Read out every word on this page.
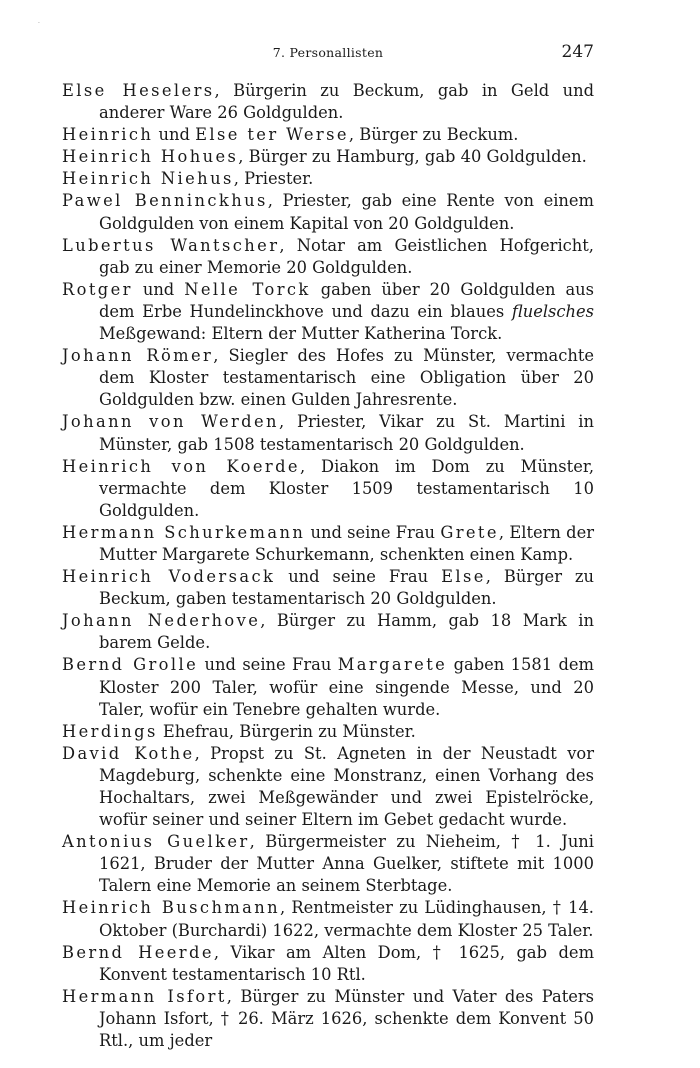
·
7. Personallisten	247
Else Heselers, Bürgerin zu Beckum, gab in Geld und anderer Ware 26 Goldgulden.
Heinrich und Else ter Werse, Bürger zu Beckum.
Heinrich Hohues, Bürger zu Hamburg, gab 40 Goldgulden.
Heinrich Niehus, Priester.
Pawel Benninckhus, Priester, gab eine Rente von einem Goldgulden von einem Kapital von 20 Goldgulden.
Lubertus Wantscher, Notar am Geistlichen Hofgericht, gab zu einer Memorie 20 Goldgulden.
Rotger und Nelle Torck gaben über 20 Goldgulden aus dem Erbe Hundelinckhove und dazu ein blaues fluelsches Meßgewand: Eltern der Mutter Katherina Torck.
Johann Römer, Siegler des Hofes zu Münster, vermachte dem Kloster testamentarisch eine Obligation über 20 Goldgulden bzw. einen Gulden Jahresrente.
Johann von Werden, Priester, Vikar zu St. Martini in Münster, gab 1508 testamentarisch 20 Goldgulden.
Heinrich von Koerde, Diakon im Dom zu Münster, vermachte dem Kloster 1509 testamentarisch 10 Goldgulden.
Hermann Schurkemann und seine Frau Grete, Eltern der Mutter Margarete Schurkemann, schenkten einen Kamp.
Heinrich Vodersack und seine Frau Else, Bürger zu Beckum, gaben testamentarisch 20 Goldgulden.
Johann Nederhove, Bürger zu Hamm, gab 18 Mark in barem Gelde.
Bernd Grolle und seine Frau Margarete gaben 1581 dem Kloster 200 Taler, wofür eine singende Messe, und 20 Taler, wofür ein Tenebre gehalten wurde.
Herdings Ehefrau, Bürgerin zu Münster.
David Kothe, Propst zu St. Agneten in der Neustadt vor Magdeburg, schenkte eine Monstranz, einen Vorhang des Hochaltars, zwei Meßgewänder und zwei Epistelröcke, wofür seiner und seiner Eltern im Gebet gedacht wurde.
Antonius Guelker, Bürgermeister zu Nieheim, † 1. Juni 1621, Bruder der Mutter Anna Guelker, stiftete mit 1000 Talern eine Memorie an seinem Sterbtage.
Heinrich Buschmann, Rentmeister zu Lüdinghausen, † 14. Oktober (Burchardi) 1622, vermachte dem Kloster 25 Taler.
Bernd Heerde, Vikar am Alten Dom, † 1625, gab dem Konvent testamentarisch 10 Rtl.
Hermann Isfort, Bürger zu Münster und Vater des Paters Johann Isfort, † 26. März 1626, schenkte dem Konvent 50 Rtl., um jeder
